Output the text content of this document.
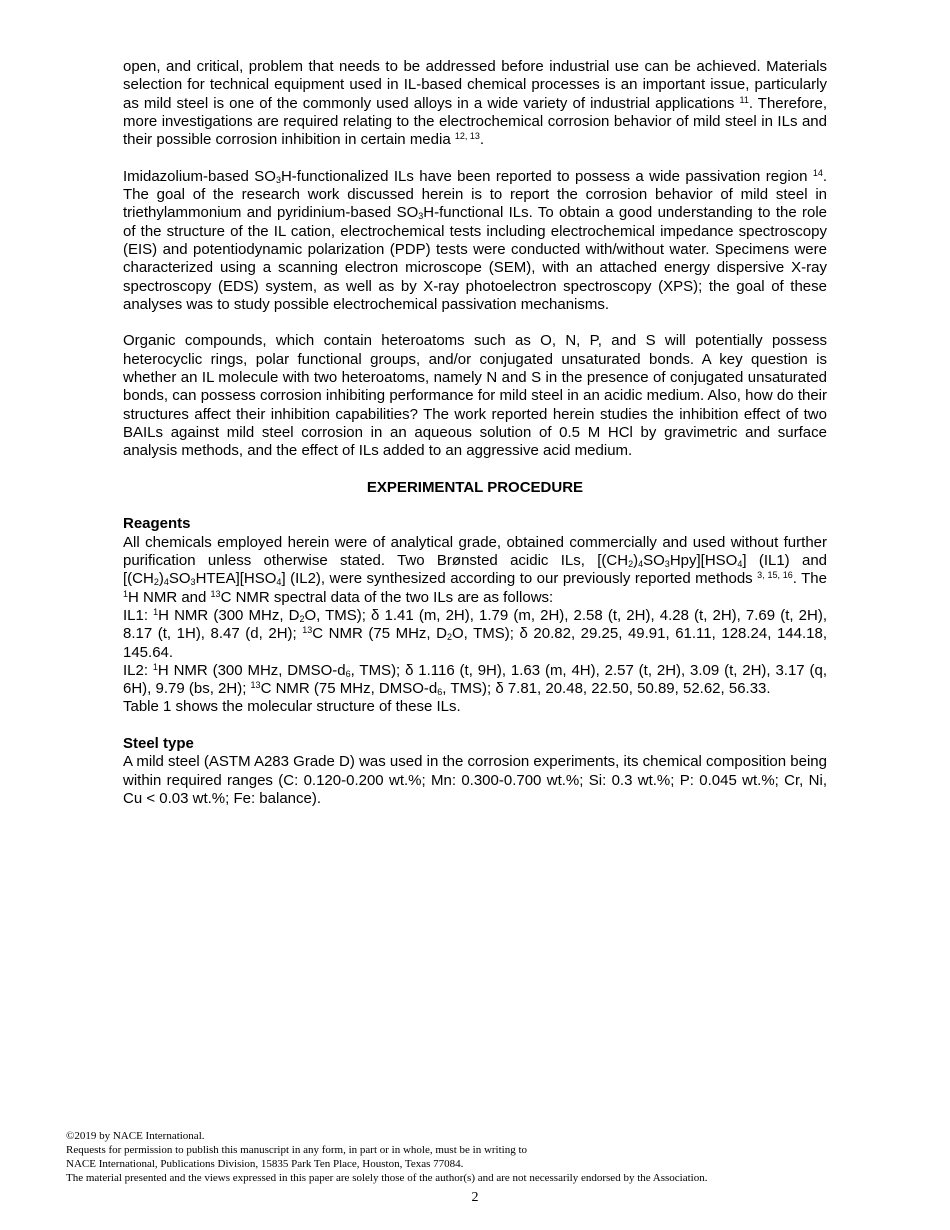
open, and critical, problem that needs to be addressed before industrial use can be achieved. Materials selection for technical equipment used in IL-based chemical processes is an important issue, particularly as mild steel is one of the commonly used alloys in a wide variety of industrial applications $^{11}$. Therefore, more investigations are required relating to the electrochemical corrosion behavior of mild steel in ILs and their possible corrosion inhibition in certain media $^{12, 13}$.

Imidazolium-based $SO_3H$-functionalized ILs have been reported to possess a wide passivation region $^{14}$. The goal of the research work discussed herein is to report the corrosion behavior of mild steel in triethylammonium and pyridinium-based $SO_3H$-functional ILs. To obtain a good understanding to the role of the structure of the IL cation, electrochemical tests including electrochemical impedance spectroscopy (EIS) and potentiodynamic polarization (PDP) tests were conducted with/without water. Specimens were characterized using a scanning electron microscope (SEM), with an attached energy dispersive X-ray spectroscopy (EDS) system, as well as by X-ray photoelectron spectroscopy (XPS); the goal of these analyses was to study possible electrochemical passivation mechanisms.

Organic compounds, which contain heteroatoms such as O, N, P, and S will potentially possess heterocyclic rings, polar functional groups, and/or conjugated unsaturated bonds. A key question is whether an IL molecule with two heteroatoms, namely N and S in the presence of conjugated unsaturated bonds, can possess corrosion inhibiting performance for mild steel in an acidic medium. Also, how do their structures affect their inhibition capabilities? The work reported herein studies the inhibition effect of two BAILs against mild steel corrosion in an aqueous solution of 0.5 M HCl by gravimetric and surface analysis methods, and the effect of ILs added to an aggressive acid medium.

EXPERIMENTAL PROCEDURE
Reagents

All chemicals employed herein were of analytical grade, obtained commercially and used without further purification unless otherwise stated. Two Brønsted acidic ILs, $[(CH_2)_4SO_3Hpy][HSO_4]$ (IL1) and $[(CH_2)_4SO_3HTEA][HSO_4]$ (IL2), were synthesized according to our previously reported methods $^{3, 15, 16}$. The $^1$H NMR and $^{13}$C NMR spectral data of the two ILs are as follows:

IL1: $^1$H NMR (300 MHz, $D_2O$, TMS); δ 1.41 (m, 2H), 1.79 (m, 2H), 2.58 (t, 2H), 4.28 (t, 2H), 7.69 (t, 2H), 8.17 (t, 1H), 8.47 (d, 2H); $^{13}$C NMR (75 MHz, $D_2O$, TMS); δ 20.82, 29.25, 49.91, 61.11, 128.24, 144.18, 145.64.

IL2: $^1$H NMR (300 MHz, DMSO-$d_6$, TMS); δ 1.116 (t, 9H), 1.63 (m, 4H), 2.57 (t, 2H), 3.09 (t, 2H), 3.17 (q, 6H), 9.79 (bs, 2H); $^{13}$C NMR (75 MHz, DMSO-$d_6$, TMS); δ 7.81, 20.48, 22.50, 50.89, 52.62, 56.33.

Table 1 shows the molecular structure of these ILs.

Steel type

A mild steel (ASTM A283 Grade D) was used in the corrosion experiments, its chemical composition being within required ranges (C: 0.120-0.200 wt.%; Mn: 0.300-0.700 wt.%; Si: 0.3 wt.%; P: 0.045 wt.%; Cr, Ni, Cu < 0.03 wt.%; Fe: balance).

©2019 by NACE International.
Requests for permission to publish this manuscript in any form, in part or in whole, must be in writing to
NACE International, Publications Division, 15835 Park Ten Place, Houston, Texas 77084.
The material presented and the views expressed in this paper are solely those of the author(s) and are not necessarily endorsed by the Association.
2
